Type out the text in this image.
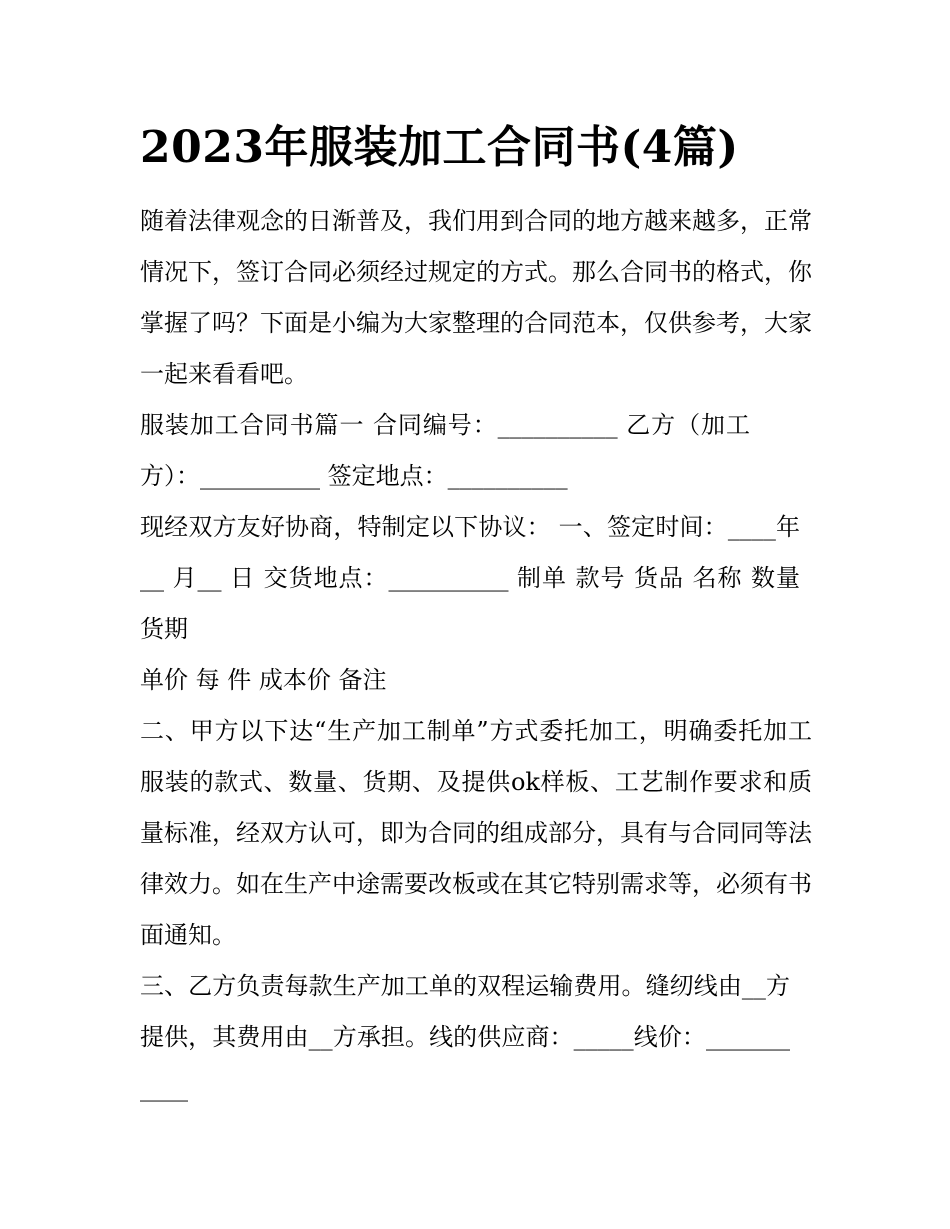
2023年服装加工合同书(4篇)

随着法律观念的日渐普及，我们用到合同的地方越来越多，正常情况下，签订合同必须经过规定的方式。那么合同书的格式，你掌握了吗？下面是小编为大家整理的合同范本，仅供参考，大家一起来看看吧。

服装加工合同书篇一 合同编号：__________ 乙方（加工方）：__________ 签定地点：__________

现经双方友好协商，特制定以下协议： 一、签定时间：____年__ 月__ 日 交货地点：__________ 制单 款号 货品 名称 数量 货期

单价 每 件 成本价 备注

二、甲方以下达“生产加工制单”方式委托加工，明确委托加工服装的款式、数量、货期、及提供ok样板、工艺制作要求和质量标准，经双方认可，即为合同的组成部分，具有与合同同等法律效力。如在生产中途需要改板或在其它特别需求等，必须有书面通知。

三、乙方负责每款生产加工单的双程运输费用。缝纫线由__方提供，其费用由__方承担。线的供应商：_____线价：___________
